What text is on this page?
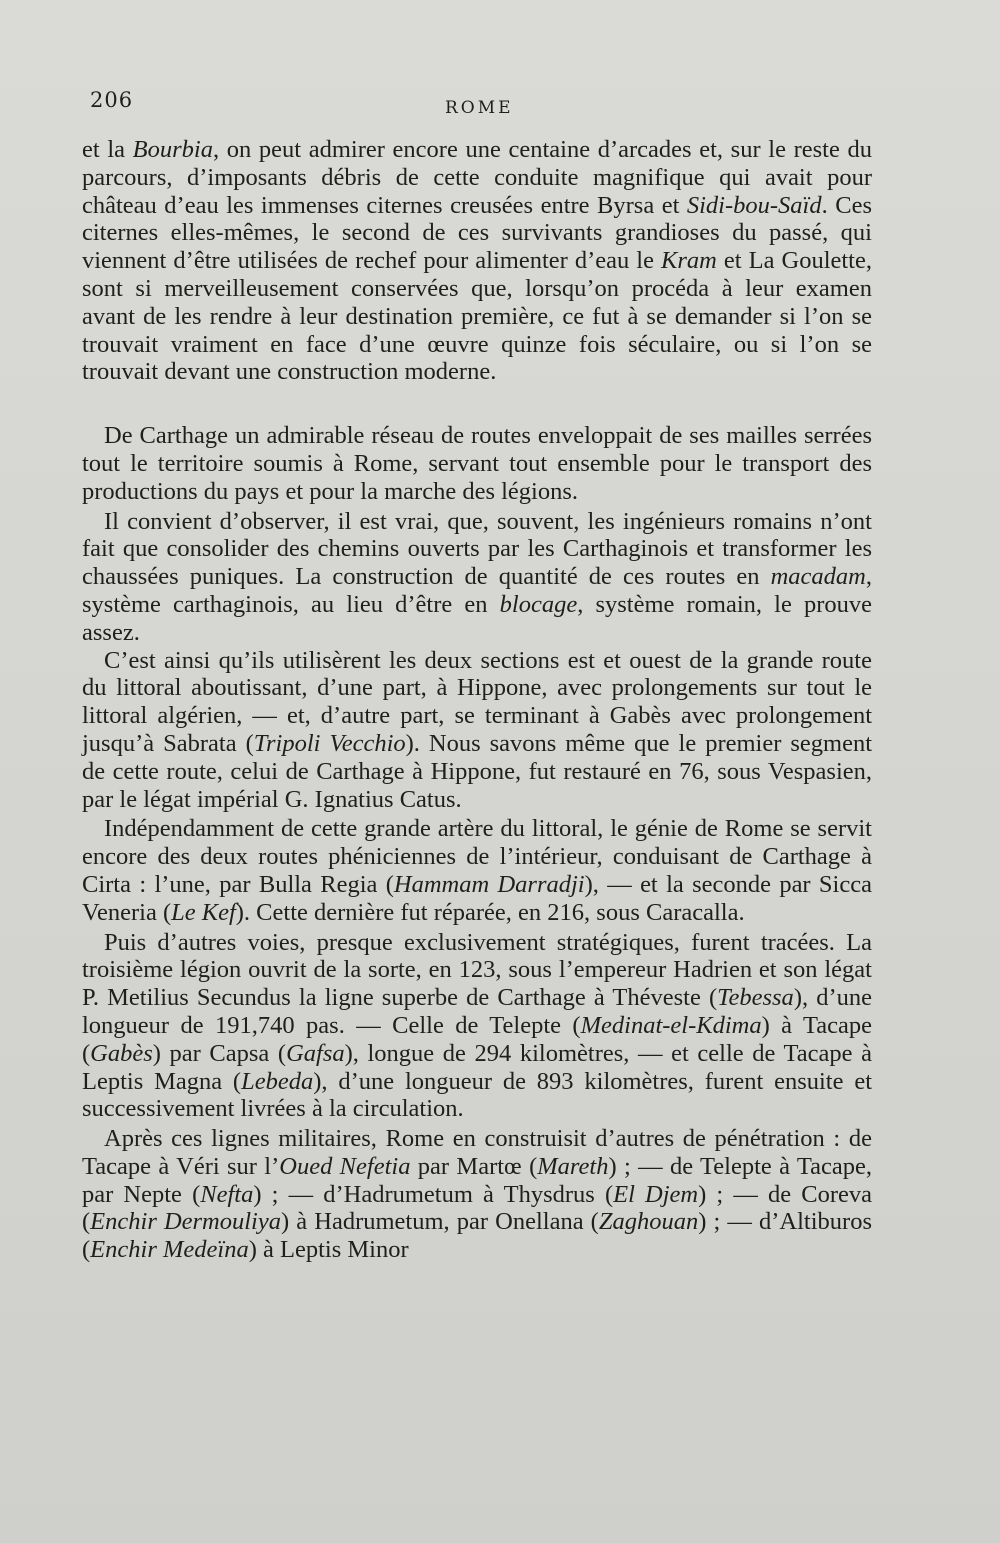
206	ROME

et la Bourbia, on peut admirer encore une centaine d’arcades et, sur le reste du parcours, d’imposants débris de cette conduite magnifique qui avait pour château d’eau les immenses citernes creusées entre Byrsa et Sidi-bou-Saïd. Ces citernes elles-mêmes, le second de ces survivants grandioses du passé, qui viennent d’être utilisées de rechef pour alimenter d’eau le Kram et La Goulette, sont si merveilleusement conservées que, lorsqu’on procéda à leur examen avant de les rendre à leur destination première, ce fut à se demander si l’on se trouvait vraiment en face d’une œuvre quinze fois séculaire, ou si l’on se trouvait devant une construction moderne.

De Carthage un admirable réseau de routes enveloppait de ses mailles serrées tout le territoire soumis à Rome, servant tout ensemble pour le transport des productions du pays et pour la marche des légions.

Il convient d’observer, il est vrai, que, souvent, les ingénieurs romains n’ont fait que consolider des chemins ouverts par les Carthaginois et transformer les chaussées puniques. La construction de quantité de ces routes en macadam, système carthaginois, au lieu d’être en blocage, système romain, le prouve assez.

C’est ainsi qu’ils utilisèrent les deux sections est et ouest de la grande route du littoral aboutissant, d’une part, à Hippone, avec prolongements sur tout le littoral algérien, — et, d’autre part, se terminant à Gabès avec prolongement jusqu’à Sabrata (Tripoli Vecchio). Nous savons même que le premier segment de cette route, celui de Carthage à Hippone, fut restauré en 76, sous Vespasien, par le légat impérial G. Ignatius Catus.

Indépendamment de cette grande artère du littoral, le génie de Rome se servit encore des deux routes phéniciennes de l’intérieur, conduisant de Carthage à Cirta : l’une, par Bulla Regia (Hammam Darradji), — et la seconde par Sicca Veneria (Le Kef). Cette dernière fut réparée, en 216, sous Caracalla.

Puis d’autres voies, presque exclusivement stratégiques, furent tracées. La troisième légion ouvrit de la sorte, en 123, sous l’empereur Hadrien et son légat P. Metilius Secundus la ligne superbe de Carthage à Théveste (Tebessa), d’une longueur de 191,740 pas. — Celle de Telepte (Medinat-el-Kdima) à Tacape (Gabès) par Capsa (Gafsa), longue de 294 kilomètres, — et celle de Tacape à Leptis Magna (Lebeda), d’une longueur de 893 kilomètres, furent ensuite et successivement livrées à la circulation.

Après ces lignes militaires, Rome en construisit d’autres de pénétration : de Tacape à Véri sur l’Oued Nefetia par Martœ (Mareth) ; — de Telepte à Tacape, par Nepte (Nefta) ; — d’Hadrumetum à Thysdrus (El Djem) ; — de Coreva (Enchir Dermouliya) à Hadrumetum, par Onellana (Zaghouan) ; — d’Altiburos (Enchir Medeïna) à Leptis Minor
